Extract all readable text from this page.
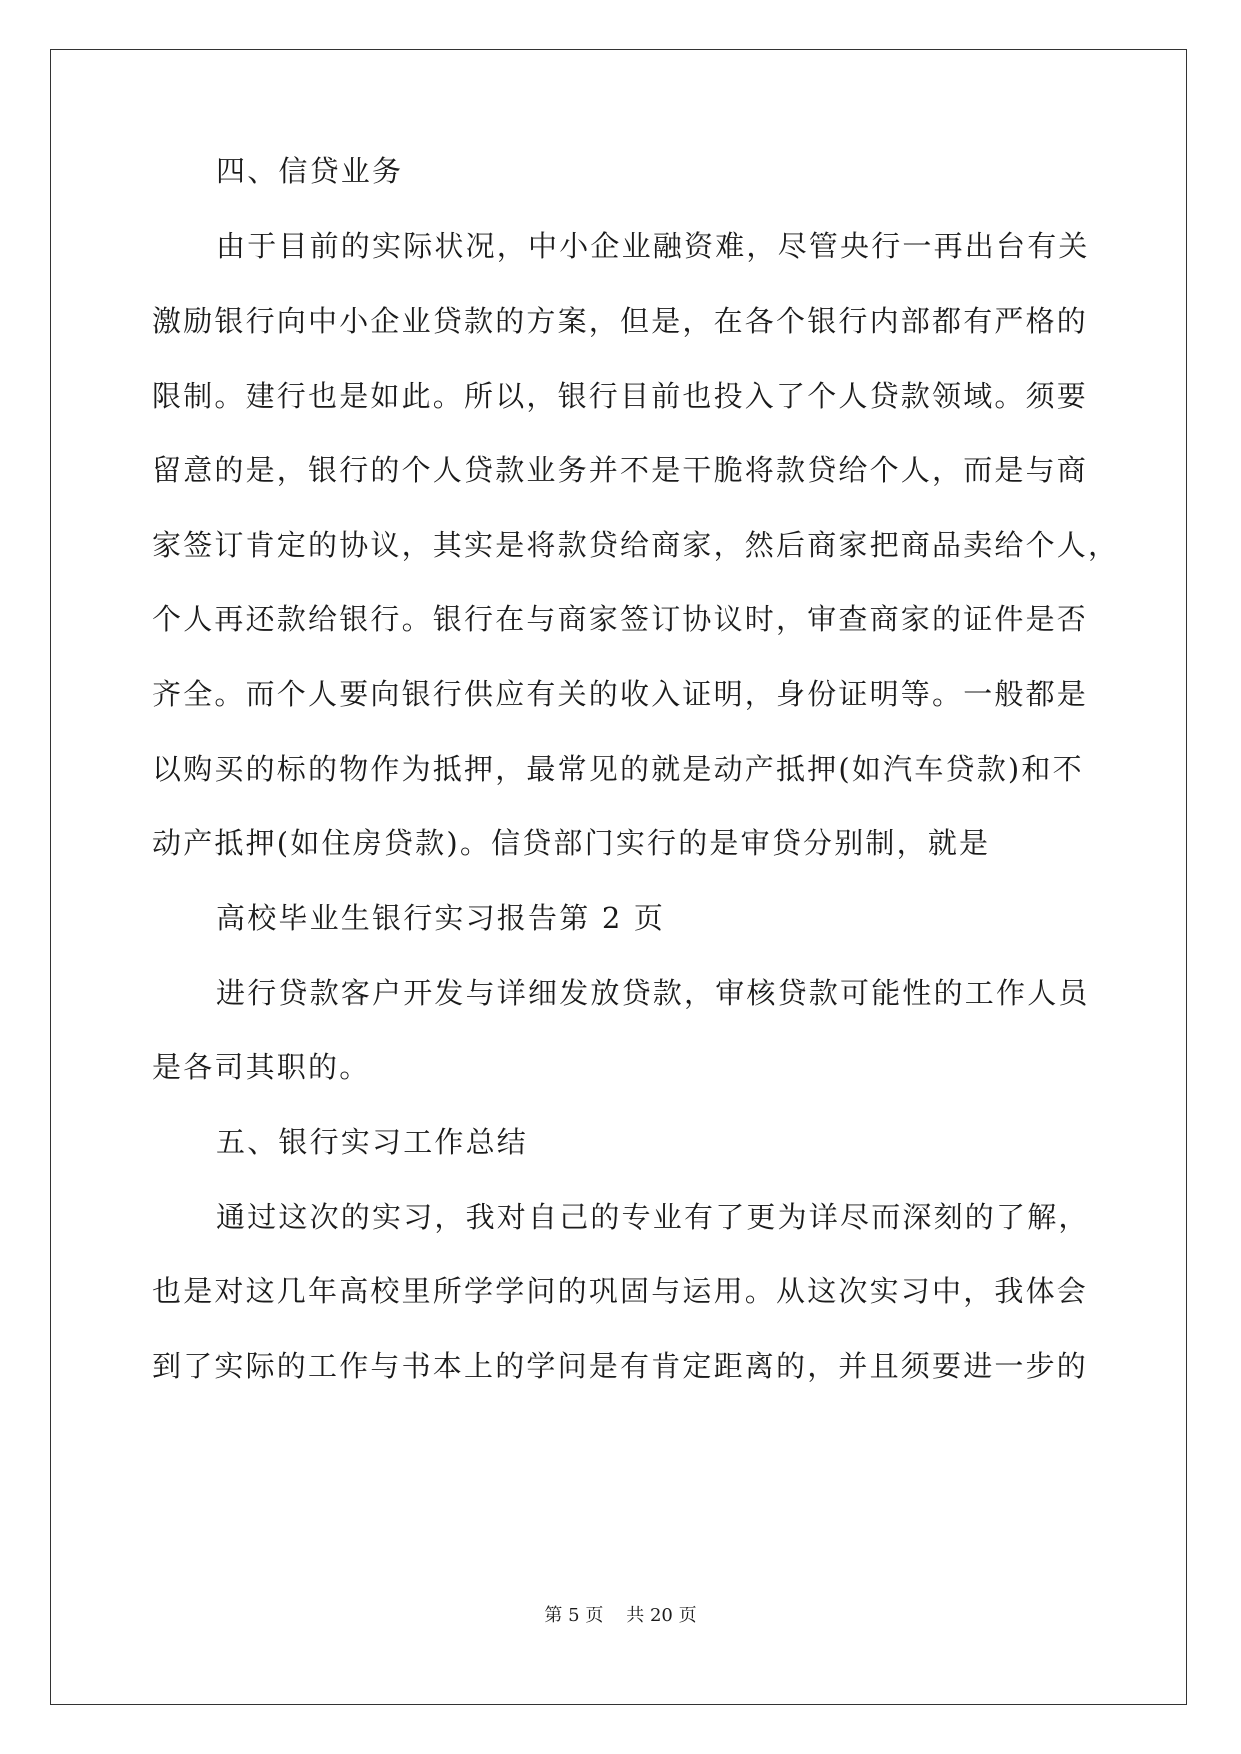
四、信贷业务
由于目前的实际状况，中小企业融资难，尽管央行一再出台有关
激励银行向中小企业贷款的方案，但是，在各个银行内部都有严格的
限制。建行也是如此。所以，银行目前也投入了个人贷款领域。须要
留意的是，银行的个人贷款业务并不是干脆将款贷给个人，而是与商
家签订肯定的协议，其实是将款贷给商家，然后商家把商品卖给个人，
个人再还款给银行。银行在与商家签订协议时，审查商家的证件是否
齐全。而个人要向银行供应有关的收入证明，身份证明等。一般都是
以购买的标的物作为抵押，最常见的就是动产抵押(如汽车贷款)和不
动产抵押(如住房贷款)。信贷部门实行的是审贷分别制，就是
高校毕业生银行实习报告第 2 页
进行贷款客户开发与详细发放贷款，审核贷款可能性的工作人员
是各司其职的。
五、银行实习工作总结
通过这次的实习，我对自己的专业有了更为详尽而深刻的了解，
也是对这几年高校里所学学问的巩固与运用。从这次实习中，我体会
到了实际的工作与书本上的学问是有肯定距离的，并且须要进一步的
第 5 页 共 20 页
